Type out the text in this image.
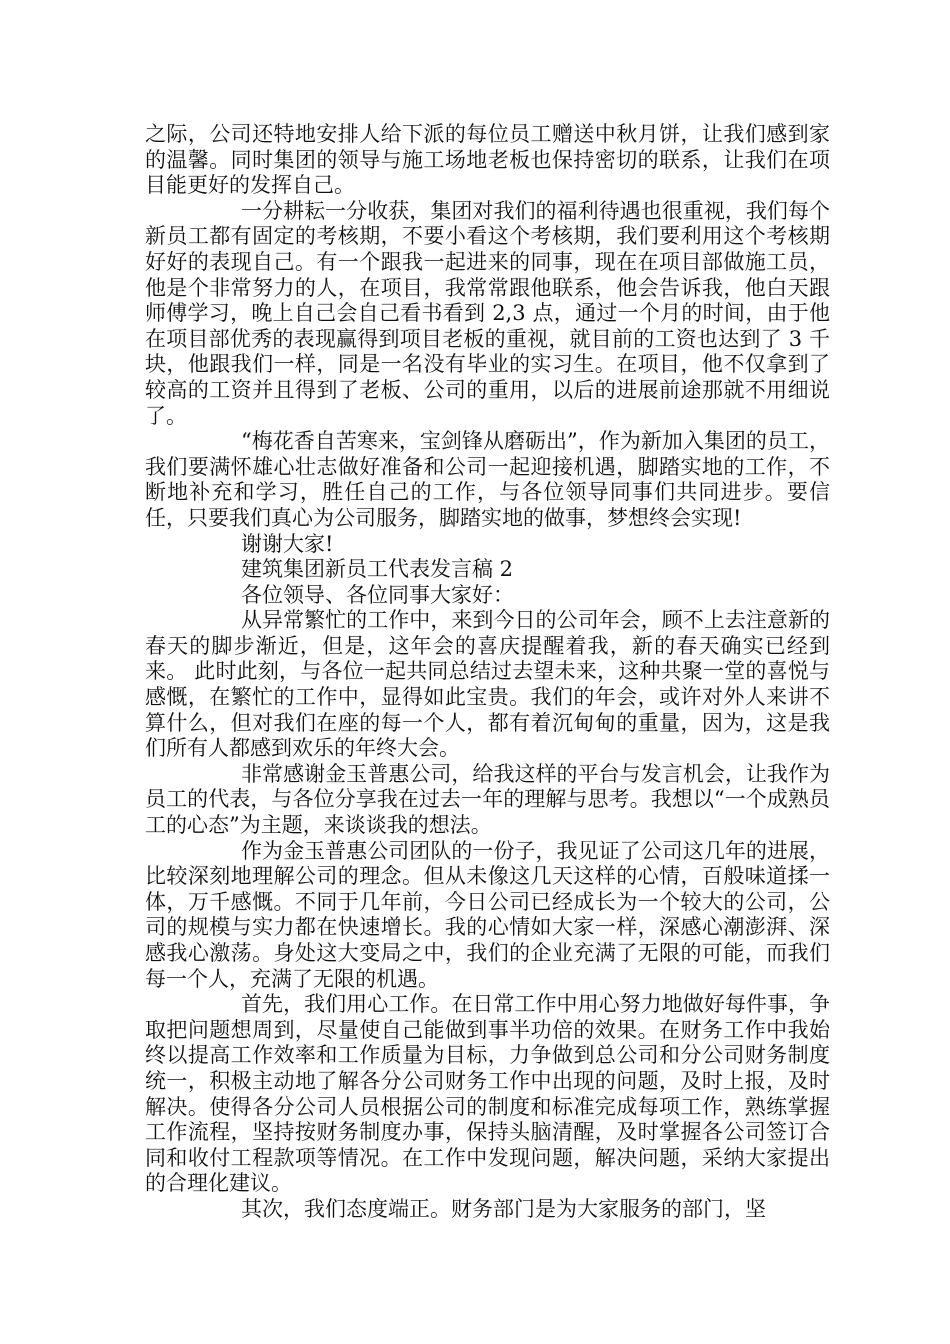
之际，公司还特地安排人给下派的每位员工赠送中秋月饼，让我们感到家的温馨。同时集团的领导与施工场地老板也保持密切的联系，让我们在项目能更好的发挥自己。

一分耕耘一分收获，集团对我们的福利待遇也很重视，我们每个新员工都有固定的考核期，不要小看这个考核期，我们要利用这个考核期好好的表现自己。有一个跟我一起进来的同事，现在在项目部做施工员，他是个非常努力的人，在项目，我常常跟他联系，他会告诉我，他白天跟师傅学习，晚上自己会自己看书看到 2,3 点，通过一个月的时间，由于他在项目部优秀的表现赢得到项目老板的重视，就目前的工资也达到了 3 千块，他跟我们一样，同是一名没有毕业的实习生。在项目，他不仅拿到了较高的工资并且得到了老板、公司的重用，以后的进展前途那就不用细说了。

“梅花香自苦寒来，宝剑锋从磨砺出”，作为新加入集团的员工，我们要满怀雄心壮志做好准备和公司一起迎接机遇，脚踏实地的工作，不断地补充和学习，胜任自己的工作，与各位领导同事们共同进步。要信任，只要我们真心为公司服务，脚踏实地的做事，梦想终会实现!

谢谢大家!

建筑集团新员工代表发言稿 2

各位领导、各位同事大家好：

从异常繁忙的工作中，来到今日的公司年会，顾不上去注意新的春天的脚步渐近，但是，这年会的喜庆提醒着我，新的春天确实已经到来。 此时此刻，与各位一起共同总结过去望未来，这种共聚一堂的喜悦与感慨，在繁忙的工作中，显得如此宝贵。我们的年会，或许对外人来讲不算什么，但对我们在座的每一个人，都有着沉甸甸的重量，因为，这是我们所有人都感到欢乐的年终大会。

非常感谢金玉普惠公司，给我这样的平台与发言机会，让我作为员工的代表，与各位分享我在过去一年的理解与思考。我想以“一个成熟员工的心态”为主题，来谈谈我的想法。

作为金玉普惠公司团队的一份子，我见证了公司这几年的进展，比较深刻地理解公司的理念。但从未像这几天这样的心情，百般味道揉一体，万千感慨。不同于几年前，今日公司已经成长为一个较大的公司，公司的规模与实力都在快速增长。我的心情如大家一样，深感心潮澎湃、深感我心激荡。身处这大变局之中，我们的企业充满了无限的可能，而我们每一个人，充满了无限的机遇。

首先，我们用心工作。在日常工作中用心努力地做好每件事，争取把问题想周到，尽量使自己能做到事半功倍的效果。在财务工作中我始终以提高工作效率和工作质量为目标，力争做到总公司和分公司财务制度统一，积极主动地了解各分公司财务工作中出现的问题，及时上报，及时解决。使得各分公司人员根据公司的制度和标准完成每项工作，熟练掌握工作流程，坚持按财务制度办事，保持头脑清醒，及时掌握各公司签订合同和收付工程款项等情况。在工作中发现问题，解决问题，采纳大家提出的合理化建议。

其次，我们态度端正。财务部门是为大家服务的部门，坚
